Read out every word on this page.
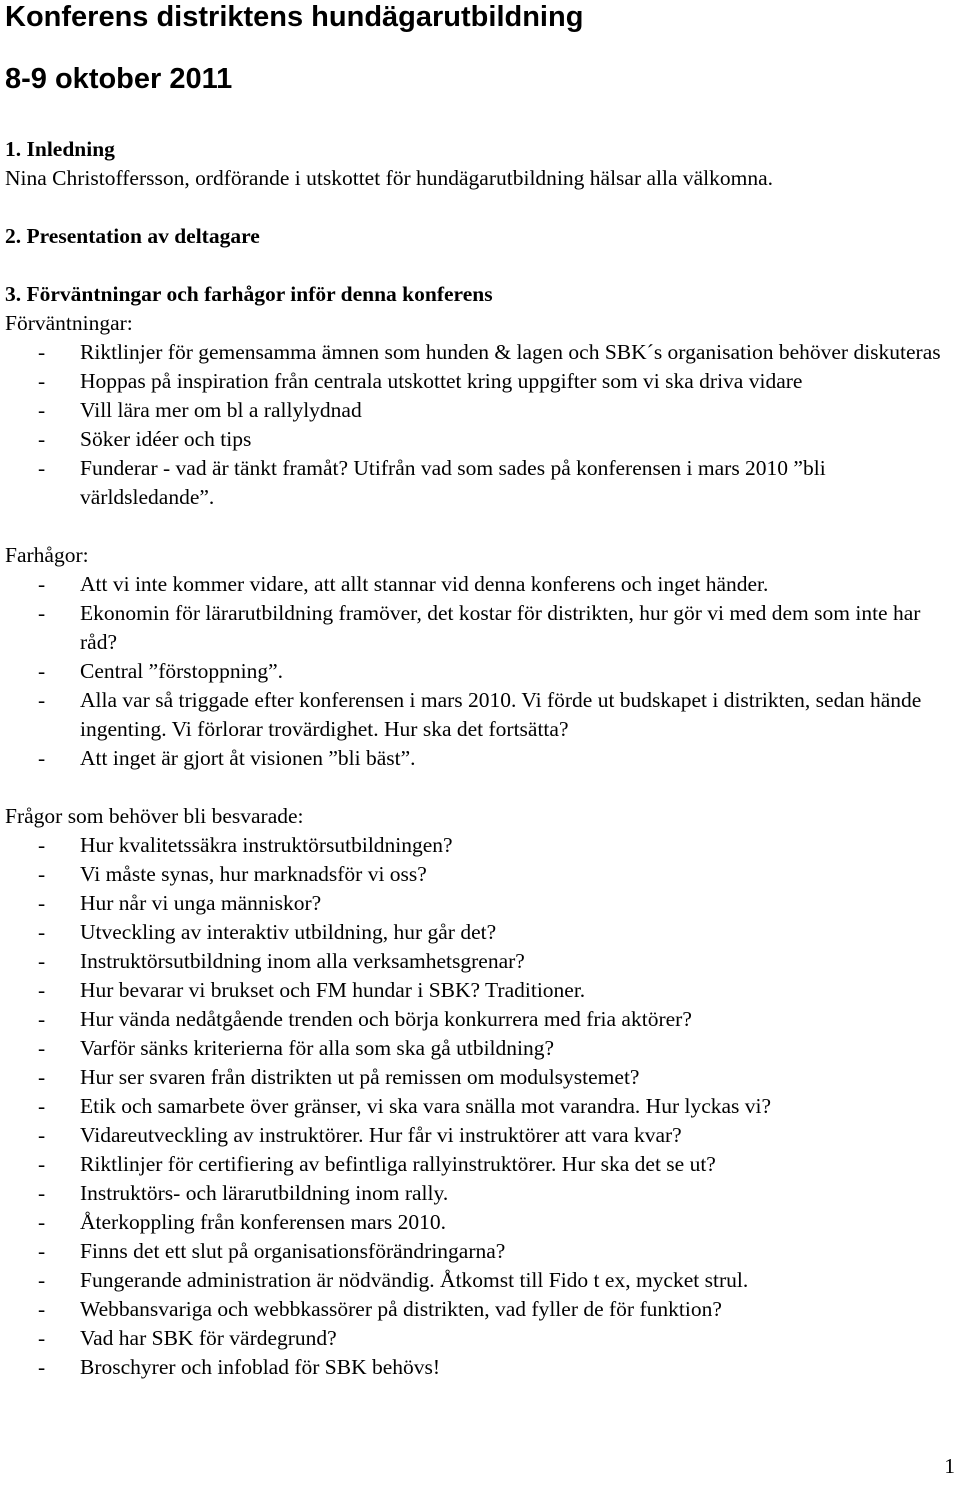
Konferens distriktens hundägarutbildning
8-9 oktober 2011

1. Inledning

Nina Christoffersson, ordförande i utskottet för hundägarutbildning hälsar alla välkomna.

2. Presentation av deltagare

3. Förväntningar och farhågor inför denna konferens

Förväntningar:

- Riktlinjer för gemensamma ämnen som hunden & lagen och SBK´s organisation behöver diskuteras
- Hoppas på inspiration från centrala utskottet kring uppgifter som vi ska driva vidare
- Vill lära mer om bl a rallylydnad
- Söker idéer och tips
- Funderar - vad är tänkt framåt? Utifrån vad som sades på konferensen i mars 2010 ”bli världsledande”.

Farhågor:

- Att vi inte kommer vidare, att allt stannar vid denna konferens och inget händer.
- Ekonomin för lärarutbildning framöver, det kostar för distrikten, hur gör vi med dem som inte har råd?
- Central ”förstoppning”.
- Alla var så triggade efter konferensen i mars 2010. Vi förde ut budskapet i distrikten, sedan hände ingenting. Vi förlorar trovärdighet. Hur ska det fortsätta?
- Att inget är gjort åt visionen ”bli bäst”.

Frågor som behöver bli besvarade:

- Hur kvalitetssäkra instruktörsutbildningen?
- Vi måste synas, hur marknadsför vi oss?
- Hur når vi unga människor?
- Utveckling av interaktiv utbildning, hur går det?
- Instruktörsutbildning inom alla verksamhetsgrenar?
- Hur bevarar vi brukset och FM hundar i SBK? Traditioner.
- Hur vända nedåtgående trenden och börja konkurrera med fria aktörer?
- Varför sänks kriterierna för alla som ska gå utbildning?
- Hur ser svaren från distrikten ut på remissen om modulsystemet?
- Etik och samarbete över gränser, vi ska vara snälla mot varandra. Hur lyckas vi?
- Vidareutveckling av instruktörer. Hur får vi instruktörer att vara kvar?
- Riktlinjer för certifiering av befintliga rallyinstruktörer. Hur ska det se ut?
- Instruktörs- och lärarutbildning inom rally.
- Återkoppling från konferensen mars 2010.
- Finns det ett slut på organisationsförändringarna?
- Fungerande administration är nödvändig. Åtkomst till Fido t ex, mycket strul.
- Webbansvariga och webbkassörer på distrikten, vad fyller de för funktion?
- Vad har SBK för värdegrund?
- Broschyrer och infoblad för SBK behövs!
1
